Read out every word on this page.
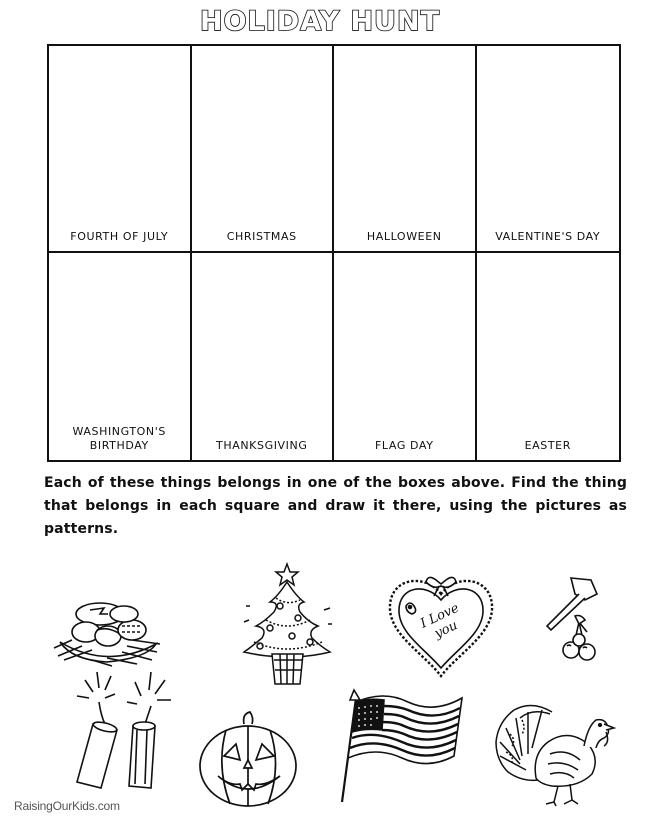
HOLIDAY HUNT
FOURTH OF JULY	CHRISTMAS	HALLOWEEN	VALENTINE'S DAY
WASHINGTON'S
BIRTHDAY	THANKSGIVING	FLAG DAY	EASTER
Each of these things belongs in one of the boxes above. Find the thing that belongs in each square and draw it there, using the pictures as patterns.
I Love you
RaisingOurKids.com
